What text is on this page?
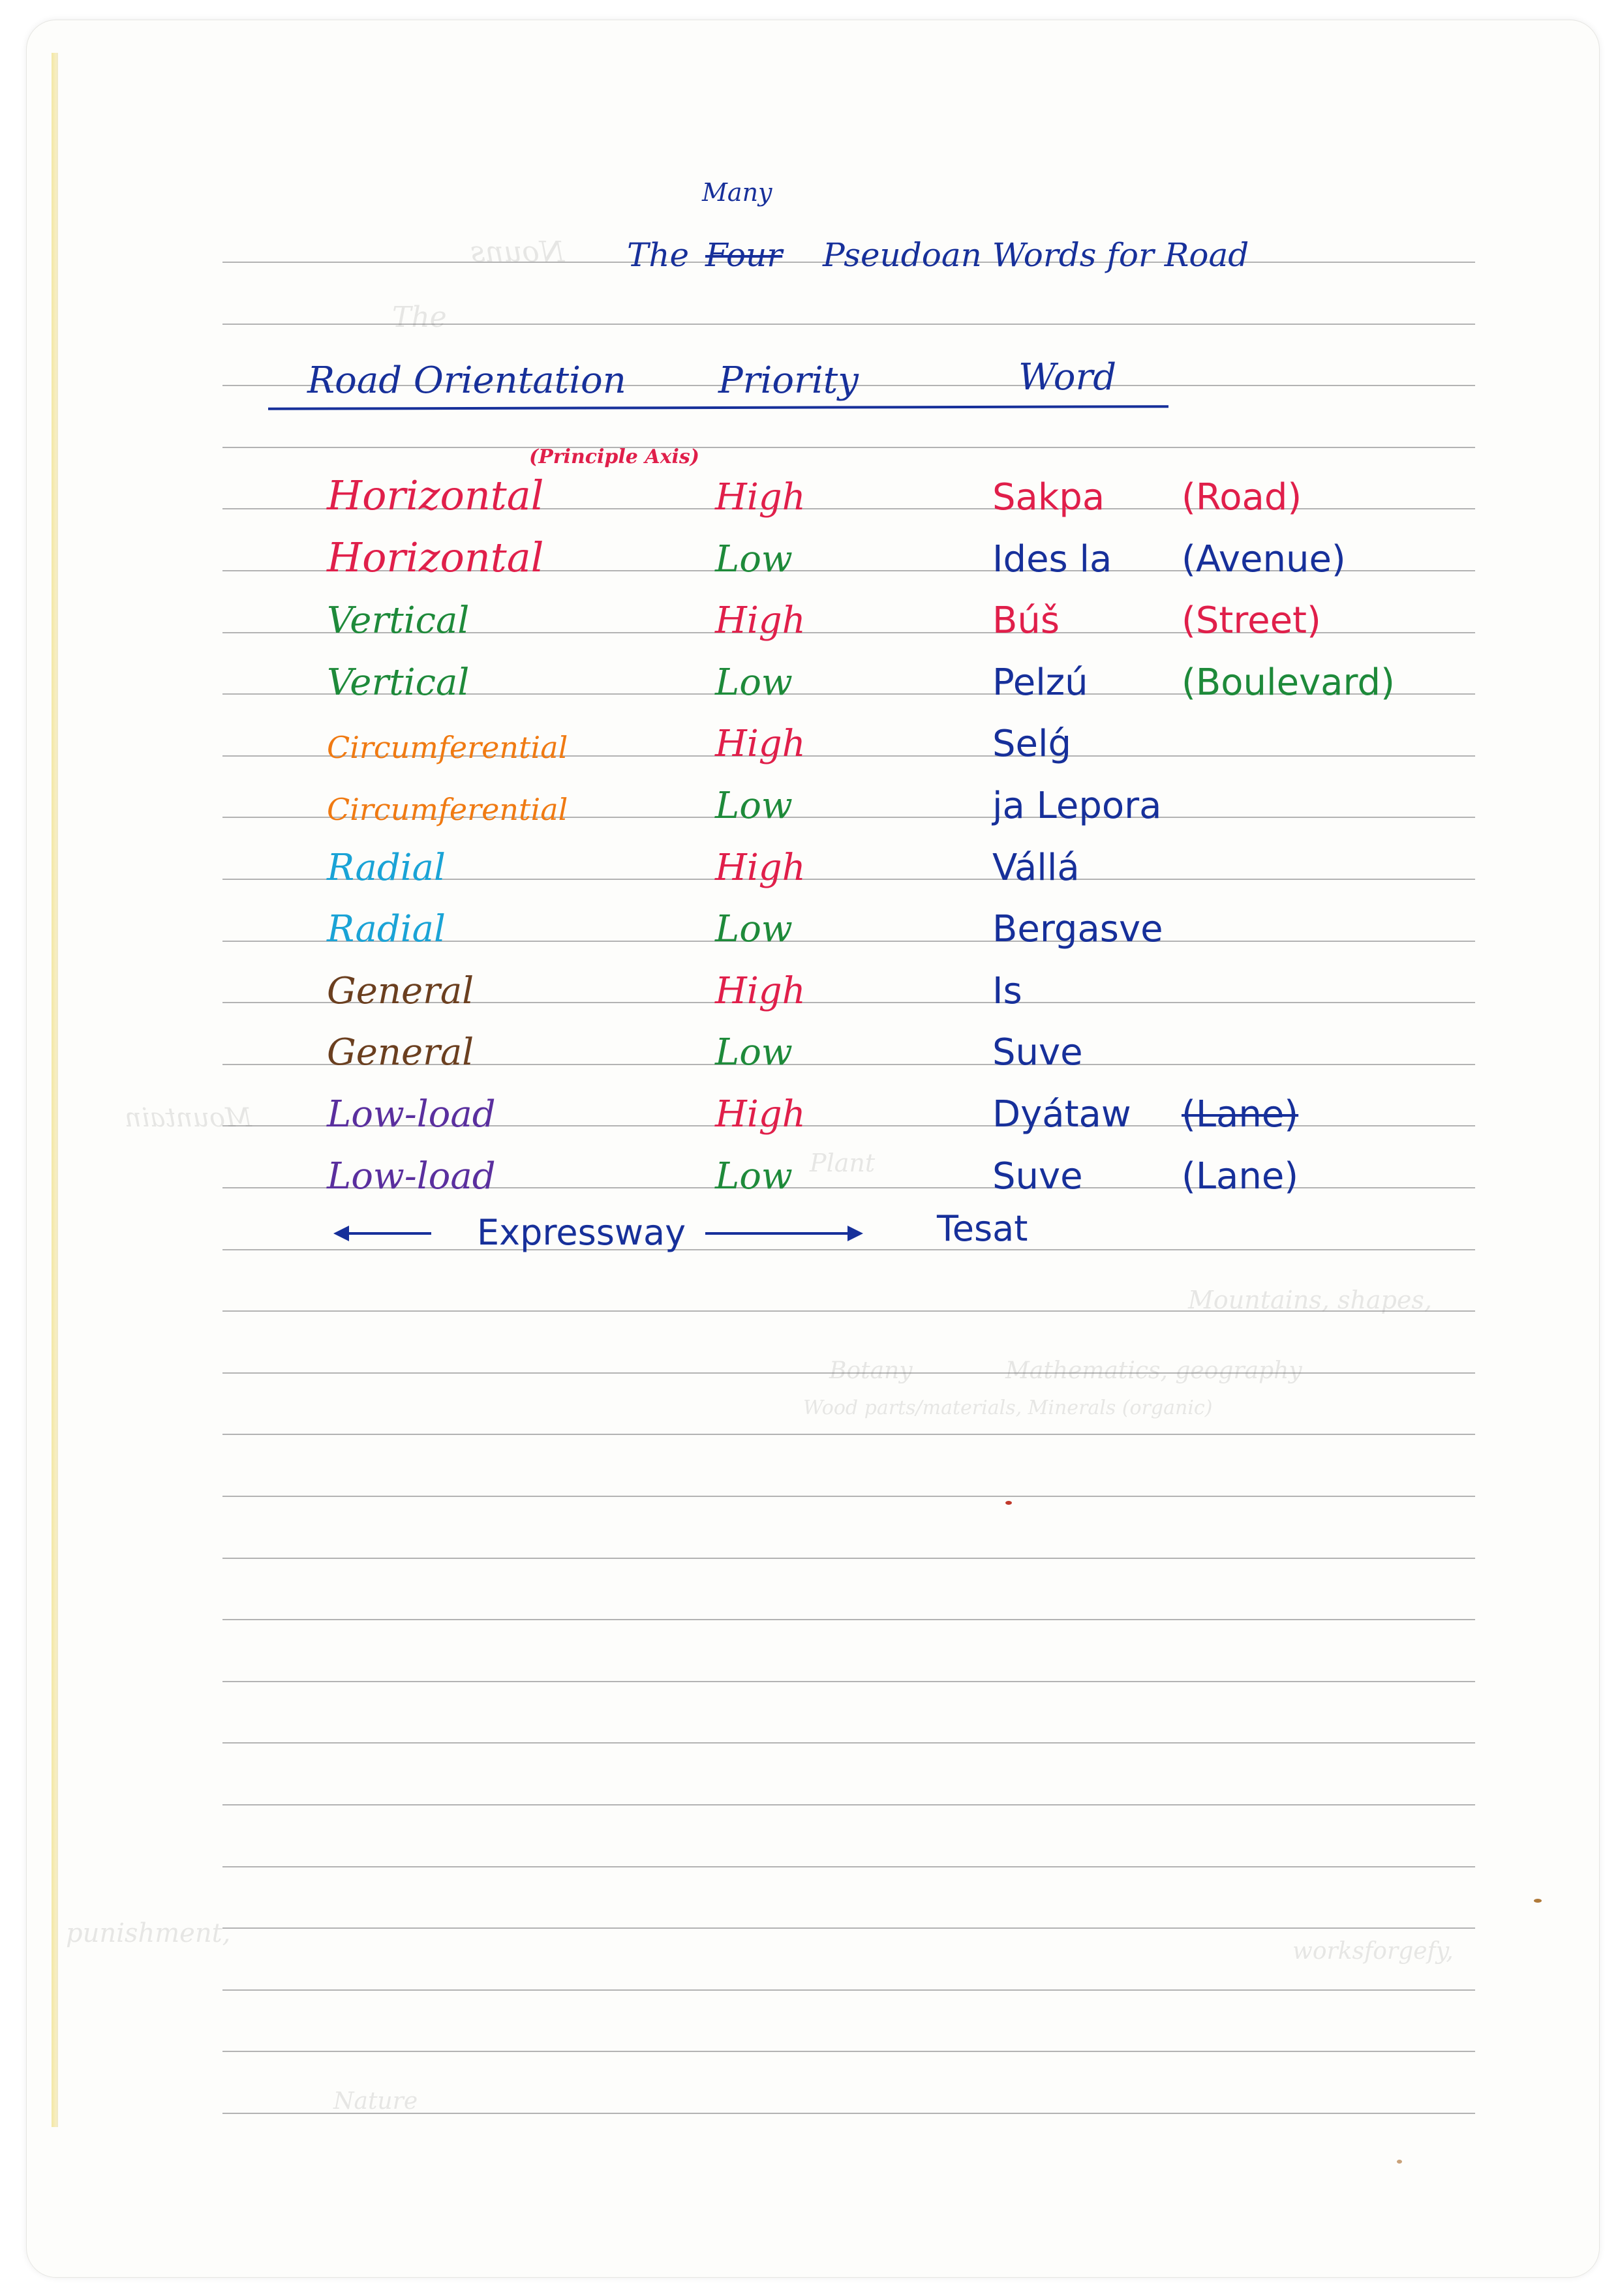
Nouns
The
Mountain
Plant
Mountains, shapes,
Botany	Mathematics, geography
Wood parts/materials, Minerals (organic)
punishment,
worksforgefy,
Nature
Many
The Four Pseudoan Words for Road
Road Orientation	Priority	Word
(Principle Axis)
Horizontal	High	Sakpa (Road)
Horizontal	Low	Ides la (Avenue)
Vertical	High	Búš	(Street)
Vertical	Low	Pelzú	(Boulevard)
Circumferential	High	Selǵ
Circumferential	Low	ja Lepora
Radial	High	Vállá
Radial	Low	Bergasve
General	High	Is
General	Low	Suve
Low-load	High	Dyátaw (Lane)
Low-load	Low	Suve	(Lane)
Expressway	Tesat
